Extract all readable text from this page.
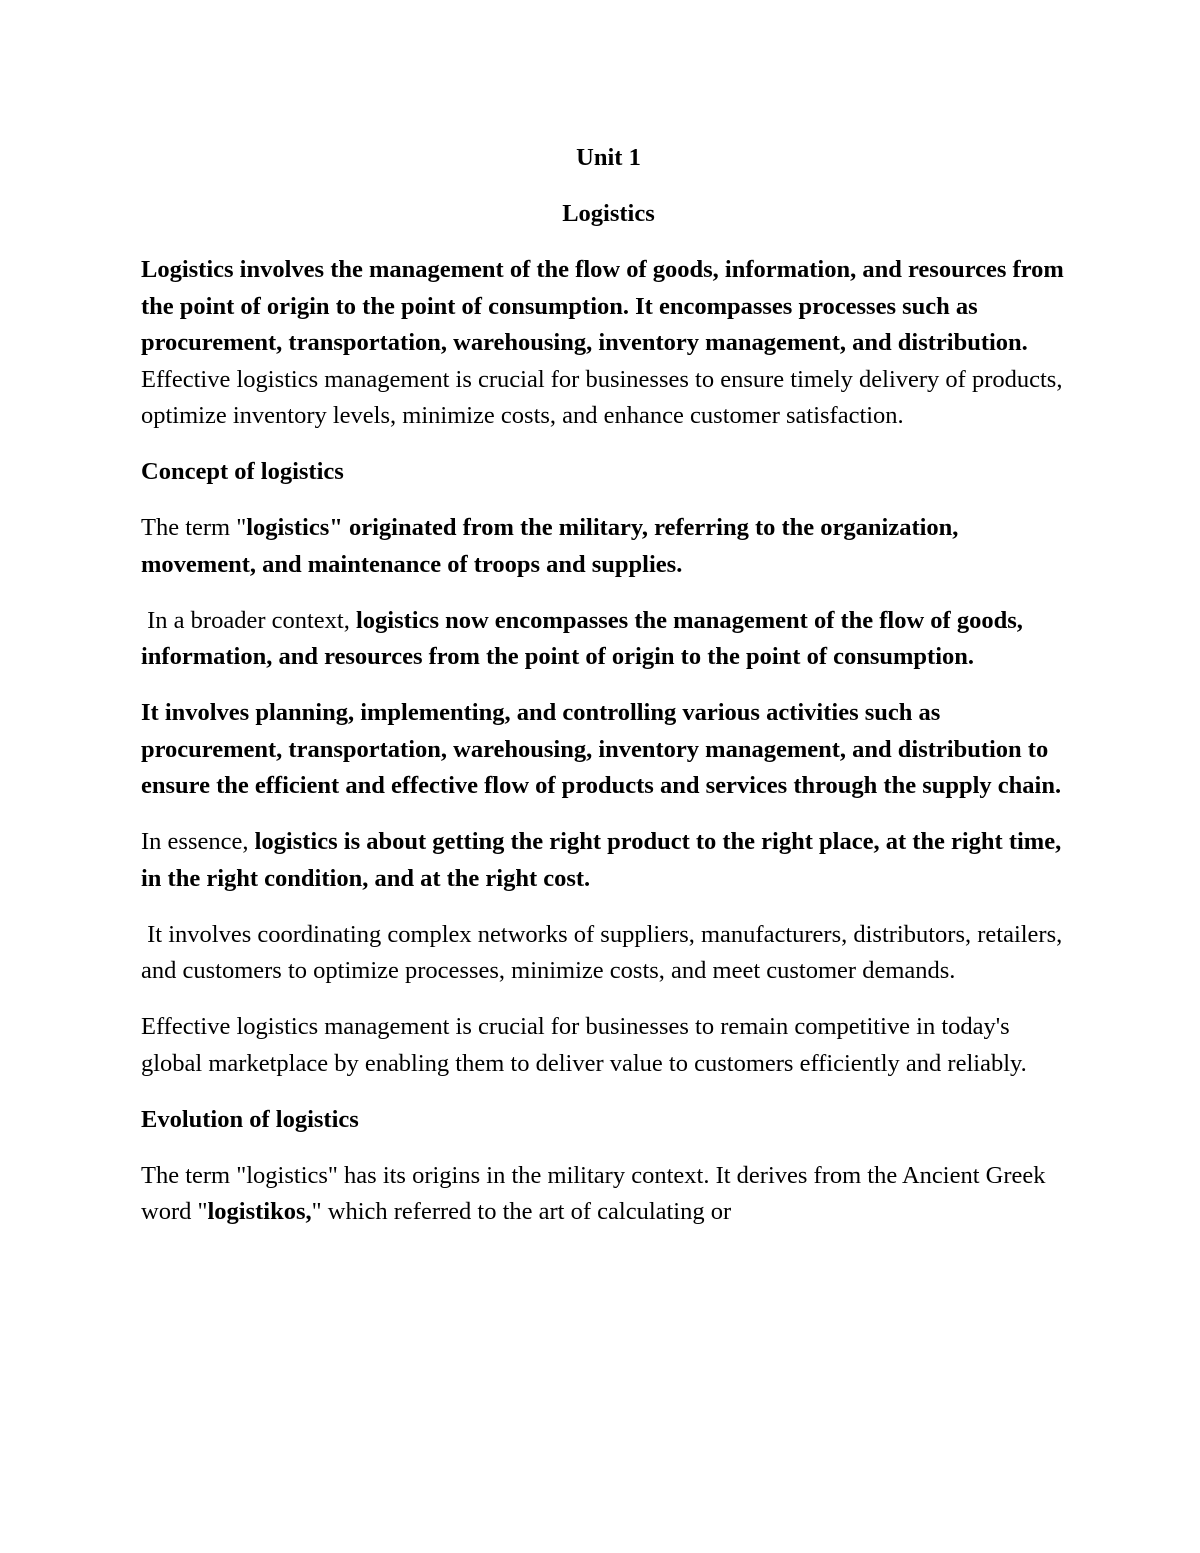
Unit 1
Logistics

Logistics involves the management of the flow of goods, information, and resources from the point of origin to the point of consumption. It encompasses processes such as procurement, transportation, warehousing, inventory management, and distribution. Effective logistics management is crucial for businesses to ensure timely delivery of products, optimize inventory levels, minimize costs, and enhance customer satisfaction.

Concept of logistics

The term "logistics" originated from the military, referring to the organization, movement, and maintenance of troops and supplies.

In a broader context, logistics now encompasses the management of the flow of goods, information, and resources from the point of origin to the point of consumption.

It involves planning, implementing, and controlling various activities such as procurement, transportation, warehousing, inventory management, and distribution to ensure the efficient and effective flow of products and services through the supply chain.

In essence, logistics is about getting the right product to the right place, at the right time, in the right condition, and at the right cost.

It involves coordinating complex networks of suppliers, manufacturers, distributors, retailers, and customers to optimize processes, minimize costs, and meet customer demands.

Effective logistics management is crucial for businesses to remain competitive in today's global marketplace by enabling them to deliver value to customers efficiently and reliably.

Evolution of logistics

The term "logistics" has its origins in the military context. It derives from the Ancient Greek word "logistikos," which referred to the art of calculating or
